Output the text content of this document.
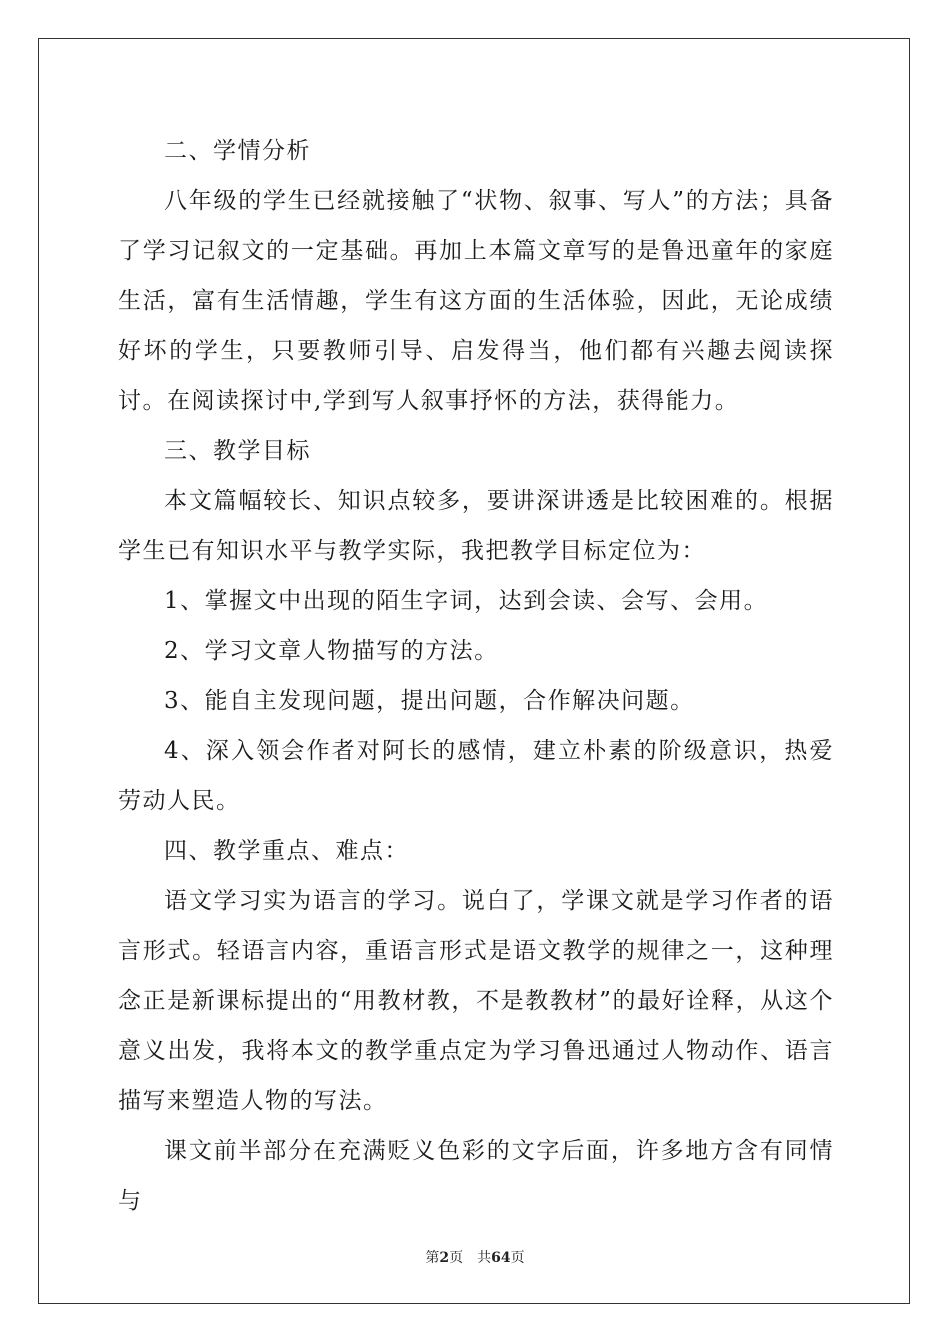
二、学情分析

八年级的学生已经就接触了“状物、叙事、写人”的方法；具备了学习记叙文的一定基础。再加上本篇文章写的是鲁迅童年的家庭生活，富有生活情趣，学生有这方面的生活体验，因此，无论成绩好坏的学生，只要教师引导、启发得当，他们都有兴趣去阅读探讨。在阅读探讨中,学到写人叙事抒怀的方法，获得能力。

三、教学目标

本文篇幅较长、知识点较多，要讲深讲透是比较困难的。根据学生已有知识水平与教学实际，我把教学目标定位为：

1、掌握文中出现的陌生字词，达到会读、会写、会用。

2、学习文章人物描写的方法。

3、能自主发现问题，提出问题，合作解决问题。

4、深入领会作者对阿长的感情，建立朴素的阶级意识，热爱劳动人民。

四、教学重点、难点：

语文学习实为语言的学习。说白了，学课文就是学习作者的语言形式。轻语言内容，重语言形式是语文教学的规律之一，这种理念正是新课标提出的“用教材教，不是教教材”的最好诠释，从这个意义出发，我将本文的教学重点定为学习鲁迅通过人物动作、语言描写来塑造人物的写法。

课文前半部分在充满贬义色彩的文字后面，许多地方含有同情与

第2页 共64页
